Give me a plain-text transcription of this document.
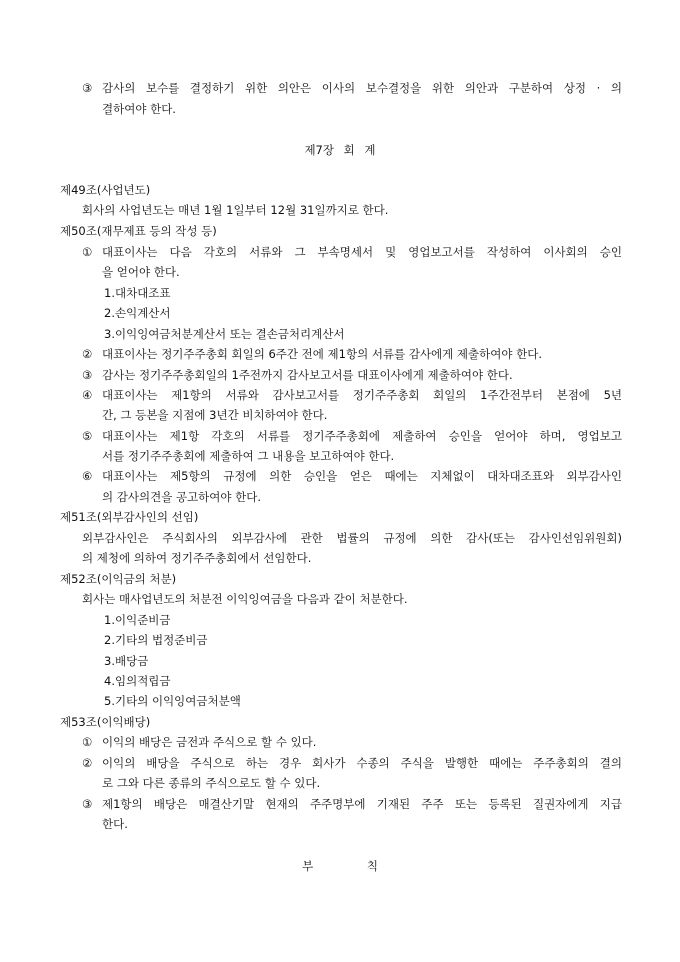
③ 감사의 보수를 결정하기 위한 의안은 이사의 보수결정을 위한 의안과 구분하여 상정 · 의
결하여야 한다.
제7장 회 계
제49조(사업년도)
회사의 사업년도는 매년 1월 1일부터 12월 31일까지로 한다.
제50조(재무제표 등의 작성 등)
① 대표이사는 다음 각호의 서류와 그 부속명세서 및 영업보고서를 작성하여 이사회의 승인
을 얻어야 한다.
1.대차대조표
2.손익계산서
3.이익잉여금처분계산서 또는 결손금처리계산서
② 대표이사는 정기주주총회 회일의 6주간 전에 제1항의 서류를 감사에게 제출하여야 한다.
③ 감사는 정기주주총회일의 1주전까지 감사보고서를 대표이사에게 제출하여야 한다.
④ 대표이사는 제1항의 서류와 감사보고서를 정기주주총회 회일의 1주간전부터 본점에 5년
간, 그 등본을 지점에 3년간 비치하여야 한다.
⑤ 대표이사는 제1항 각호의 서류를 정기주주총회에 제출하여 승인을 얻어야 하며, 영업보고
서를 정기주주총회에 제출하여 그 내용을 보고하여야 한다.
⑥ 대표이사는 제5항의 규정에 의한 승인을 얻은 때에는 지체없이 대차대조표와 외부감사인
의 감사의견을 공고하여야 한다.
제51조(외부감사인의 선임)
외부감사인은 주식회사의 외부감사에 관한 법률의 규정에 의한 감사(또는 감사인선임위원회)
의 제청에 의하여 정기주주총회에서 선임한다.
제52조(이익금의 처분)
회사는 매사업년도의 처분전 이익잉여금을 다음과 같이 처분한다.
1.이익준비금
2.기타의 법정준비금
3.배당금
4.임의적립금
5.기타의 이익잉여금처분액
제53조(이익배당)
① 이익의 배당은 금전과 주식으로 할 수 있다.
② 이익의 배당을 주식으로 하는 경우 회사가 수종의 주식을 발행한 때에는 주주총회의 결의
로 그와 다른 종류의 주식으로도 할 수 있다.
③ 제1항의 배당은 매결산기말 현재의 주주명부에 기재된 주주 또는 등록된 질권자에게 지급
한다.
부 칙
